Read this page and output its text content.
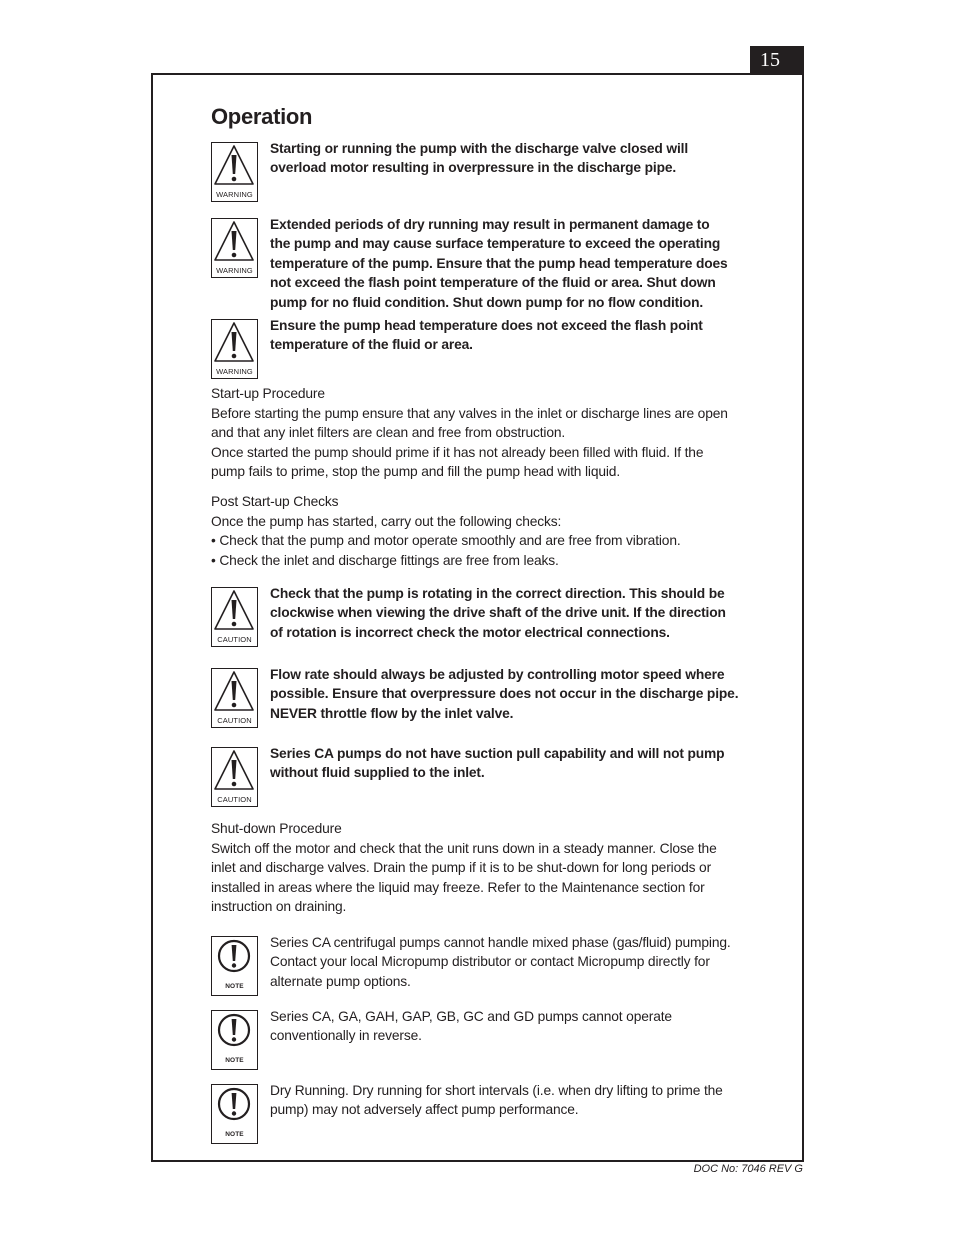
15
Operation
WARNING
Starting or running the pump with the discharge valve closed will
overload motor resulting in overpressure in the discharge pipe.
WARNING
Extended periods of dry running may result in permanent damage to
the pump and may cause surface temperature to exceed the operating
temperature of the pump. Ensure that the pump head temperature does
not exceed the flash point temperature of the fluid or area. Shut down
pump for no fluid condition. Shut down pump for no flow condition.
WARNING
Ensure the pump head temperature does not exceed the flash point
temperature of the fluid or area.
Start-up Procedure
Before starting the pump ensure that any valves in the inlet or discharge lines are open
and that any inlet filters are clean and free from obstruction.
Once started the pump should prime if it has not already been filled with fluid. If the
pump fails to prime, stop the pump and fill the pump head with liquid.
Post Start-up Checks
Once the pump has started, carry out the following checks:
• Check that the pump and motor operate smoothly and are free from vibration.
• Check the inlet and discharge fittings are free from leaks.
CAUTION
Check that the pump is rotating in the correct direction. This should be
clockwise when viewing the drive shaft of the drive unit. If the direction
of rotation is incorrect check the motor electrical connections.
CAUTION
Flow rate should always be adjusted by controlling motor speed where
possible. Ensure that overpressure does not occur in the discharge pipe.
NEVER throttle flow by the inlet valve.
CAUTION
Series CA pumps do not have suction pull capability and will not pump
without fluid supplied to the inlet.
Shut-down Procedure
Switch off the motor and check that the unit runs down in a steady manner. Close the
inlet and discharge valves. Drain the pump if it is to be shut-down for long periods or
installed in areas where the liquid may freeze. Refer to the Maintenance section for
instruction on draining.
NOTE
Series CA centrifugal pumps cannot handle mixed phase (gas/fluid) pumping.
Contact your local Micropump distributor or contact Micropump directly for
alternate pump options.
NOTE
Series CA, GA, GAH, GAP, GB, GC and GD pumps cannot operate
conventionally in reverse.
NOTE
Dry Running. Dry running for short intervals (i.e. when dry lifting to prime the
pump) may not adversely affect pump performance.
DOC No: 7046 REV G
